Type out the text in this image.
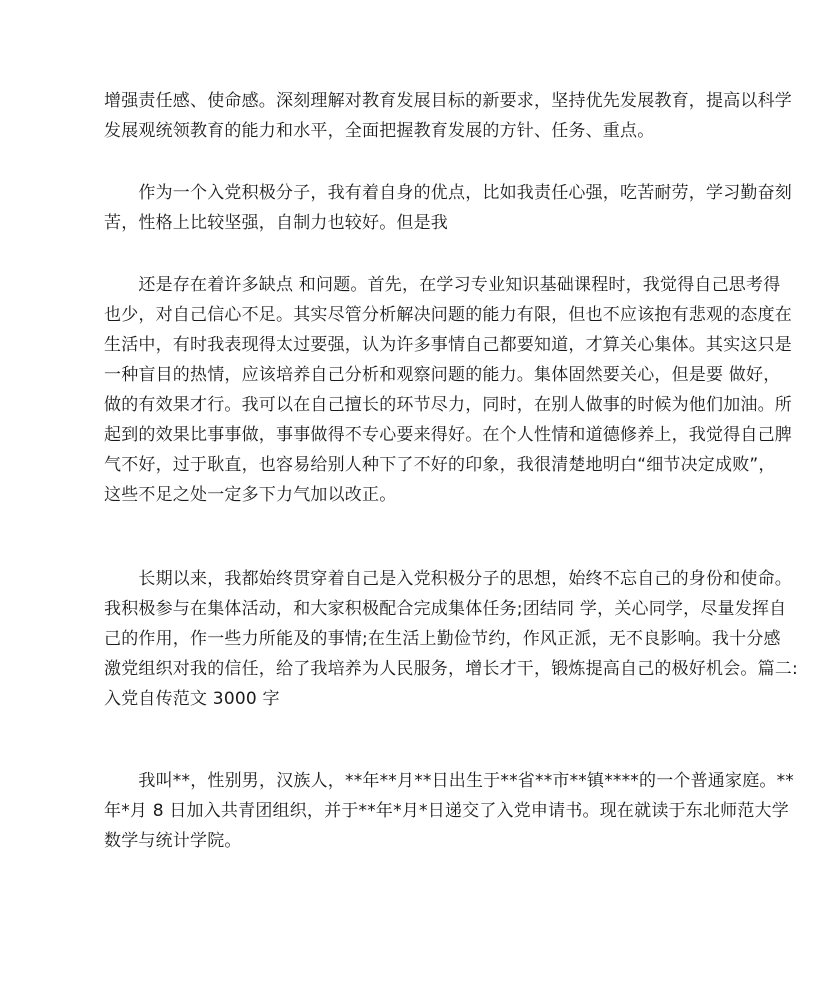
增强责任感、使命感。深刻理解对教育发展目标的新要求，坚持优先发展教育，提高以科学
发展观统领教育的能力和水平，全面把握教育发展的方针、任务、重点。

　　作为一个入党积极分子，我有着自身的优点，比如我责任心强，吃苦耐劳，学习勤奋刻
苦，性格上比较坚强，自制力也较好。但是我

　　还是存在着许多缺点 和问题。首先，在学习专业知识基础课程时，我觉得自己思考得
也少，对自己信心不足。其实尽管分析解决问题的能力有限，但也不应该抱有悲观的态度在
生活中，有时我表现得太过要强，认为许多事情自己都要知道，才算关心集体。其实这只是
一种盲目的热情，应该培养自己分析和观察问题的能力。集体固然要关心，但是要 做好，
做的有效果才行。我可以在自己擅长的环节尽力，同时，在别人做事的时候为他们加油。所
起到的效果比事事做，事事做得不专心要来得好。在个人性情和道德修养上，我觉得自己脾
气不好，过于耿直，也容易给别人种下了不好的印象，我很清楚地明白“细节决定成败”，
这些不足之处一定多下力气加以改正。

　　长期以来，我都始终贯穿着自己是入党积极分子的思想，始终不忘自己的身份和使命。
我积极参与在集体活动，和大家积极配合完成集体任务;团结同 学，关心同学，尽量发挥自
己的作用，作一些力所能及的事情;在生活上勤俭节约，作风正派，无不良影响。我十分感
激党组织对我的信任，给了我培养为人民服务，增长才干，锻炼提高自己的极好机会。篇二:
入党自传范文 3000 字

　　我叫**，性别男，汉族人，**年**月**日出生于**省**市**镇****的一个普通家庭。**
年*月 8 日加入共青团组织，并于**年*月*日递交了入党申请书。现在就读于东北师范大学
数学与统计学院。
